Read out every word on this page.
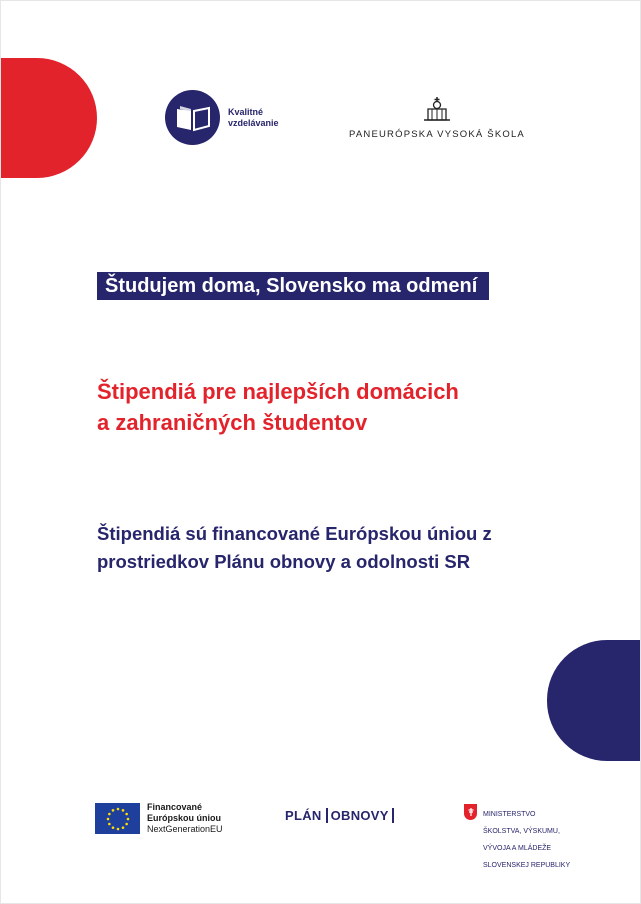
Kvalitné
vzdelávanie
PANEURÓPSKA VYSOKÁ ŠKOLA
Študujem doma, Slovensko ma odmení
Štipendiá pre najlepších domácich
a zahraničných študentov
Štipendiá sú financované Európskou úniou z
prostriedkov Plánu obnovy a odolnosti SR
Financované
Európskou úniou
NextGenerationEU
PLÁN OBNOVY	MINISTERSTVO

ŠKOLSTVA, VÝSKUMU,

VÝVOJA A MLÁDEŽE

SLOVENSKEJ REPUBLIKY
